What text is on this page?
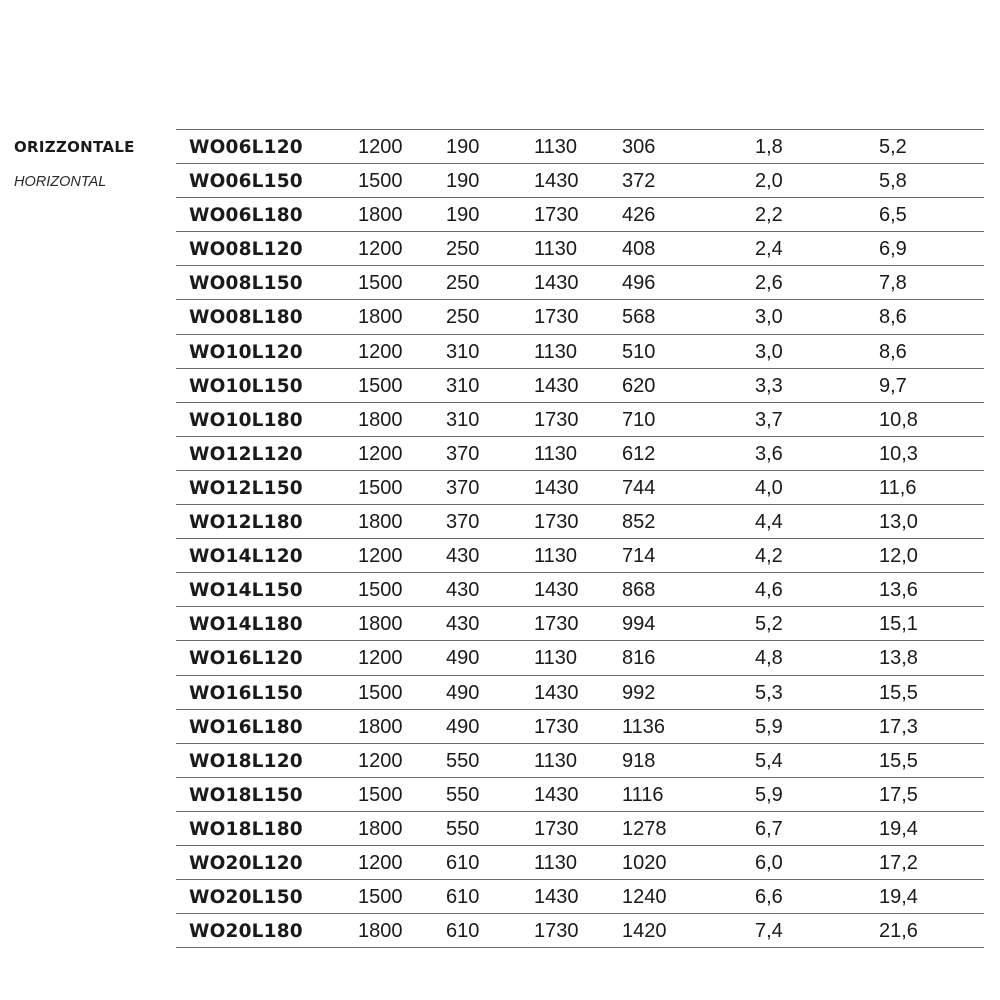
ORIZZONTALE
HORIZONTAL
WO06L120	1200 190	1130 306	1,8	5,2
WO06L150	1500 190	1430 372	2,0	5,8
WO06L180	1800 190	1730 426	2,2	6,5
WO08L120	1200 250	1130 408	2,4	6,9
WO08L150	1500 250	1430 496	2,6	7,8
WO08L180	1800 250	1730 568	3,0	8,6
WO10L120	1200 310	1130 510	3,0	8,6
WO10L150	1500 310	1430 620	3,3	9,7
WO10L180	1800 310	1730 710	3,7	10,8
WO12L120	1200 370	1130 612	3,6	10,3
WO12L150	1500 370	1430 744	4,0	11,6
WO12L180	1800 370	1730 852	4,4	13,0
WO14L120	1200 430	1130 714	4,2	12,0
WO14L150	1500 430	1430 868	4,6	13,6
WO14L180	1800 430	1730 994	5,2	15,1
WO16L120	1200 490	1130 816	4,8	13,8
WO16L150	1500 490	1430 992	5,3	15,5
WO16L180	1800 490	1730 1136	5,9	17,3
WO18L120	1200 550	1130 918	5,4	15,5
WO18L150	1500 550	1430 1116	5,9	17,5
WO18L180	1800 550	1730 1278	6,7	19,4
WO20L120	1200 610	1130 1020	6,0	17,2
WO20L150	1500 610	1430 1240	6,6	19,4
WO20L180	1800 610	1730 1420	7,4	21,6
